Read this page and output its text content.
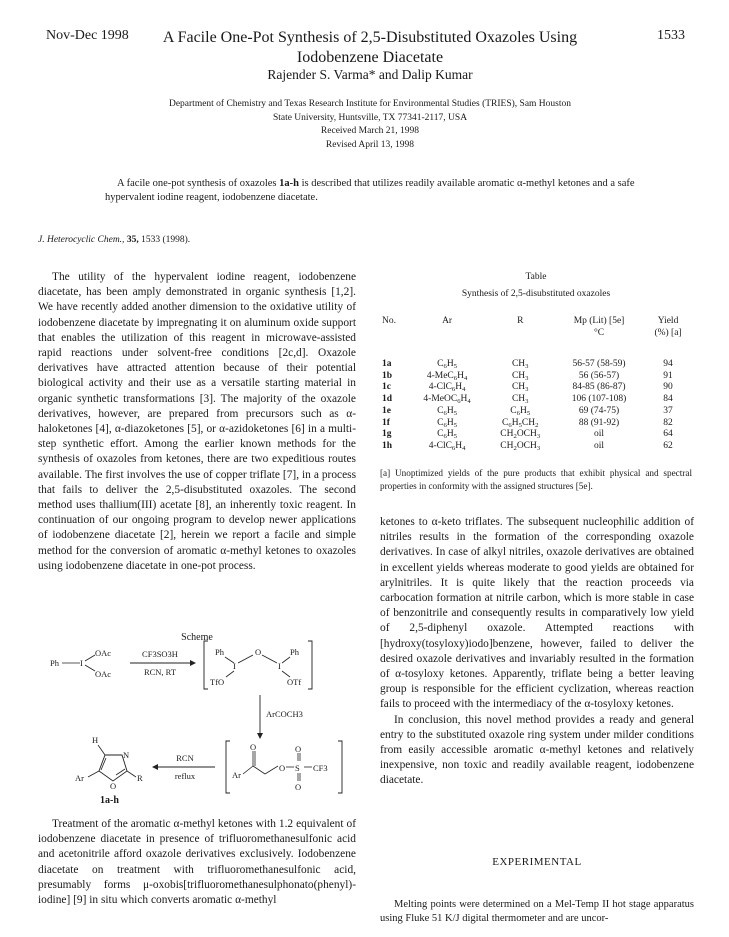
Nov-Dec 1998	1533
A Facile One-Pot Synthesis of 2,5-Disubstituted Oxazoles Using
Iodobenzene Diacetate
Rajender S. Varma* and Dalip Kumar
Department of Chemistry and Texas Research Institute for Environmental Studies (TRIES), Sam Houston
State University, Huntsville, TX 77341-2117, USA
Received March 21, 1998
Revised April 13, 1998
A facile one-pot synthesis of oxazoles 1a-h is described that utilizes readily available aromatic α-methyl ketones and a safe hypervalent iodine reagent, iodobenzene diacetate.
J. Heterocyclic Chem., 35, 1533 (1998).

The utility of the hypervalent iodine reagent, iodobenzene diacetate, has been amply demonstrated in organic synthesis [1,2]. We have recently added another dimension to the oxidative utility of iodobenzene diacetate by impregnating it on aluminum oxide support that enables the utilization of this reagent in microwave-assisted rapid reactions under solvent-free conditions [2c,d]. Oxazole derivatives have attracted attention because of their potential biological activity and their use as a versatile starting material in organic synthetic transformations [3]. The majority of the oxazole derivatives, however, are prepared from precursors such as α-haloketones [4], α-diazoketones [5], or α-azidoketones [6] in a multi-step synthetic effort. Among the earlier known methods for the synthesis of oxazoles from ketones, there are two expeditious routes available. The first involves the use of copper triflate [7], in a process that fails to deliver the 2,5-disubstituted oxazoles. The second method uses thallium(III) acetate [8], an inherently toxic reagent. In continuation of our ongoing program to develop newer applications of iodobenzene diacetate [2], herein we report a facile and simple method for the conversion of aromatic α-methyl ketones to oxazoles using iodobenzene diacetate in one-pot process.

Scheme
Ph I
OAc
OAc
CF3SO3H
RCN, RT
Ph	Ph
I	I
O
TfO	OTf
ArCOCH3
Ar
O
O S
O
O
CF3
RCN
reflux
N
O
H
Ar	R
1a-h

Treatment of the aromatic α-methyl ketones with 1.2 equivalent of iodobenzene diacetate in presence of trifluoromethanesulfonic acid and acetonitrile afford oxazole derivatives exclusively. Iodobenzene diacetate on treatment with trifluoromethanesulfonic acid, presumably forms μ-oxobis[trifluoromethanesulphonato(phenyl)-iodine] [9] in situ which converts aromatic α-methyl

Table
Synthesis of 2,5-disubstituted oxazoles
No.	Ar	R	Mp (Lit) [5e]
°C	Yield
(%) [a]

1a	$C_6H_5$	$CH_3$	56-57 (58-59)	94
1b	$4-MeC_6H_4$	$CH_3$	56 (56-57)	91
1c	$4-ClC_6H_4$	$CH_3$	84-85 (86-87)	90
1d	$4-MeOC_6H_4$	$CH_3$	106 (107-108)	84
1e	$C_6H_5$	$C_6H_5$	69 (74-75)	37
1f	$C_6H_5$	$C_6H_5CH_2$	88 (91-92)	82
1g	$C_6H_5$	$CH_2OCH_3$	oil	64
1h	$4-ClC_6H_4$	$CH_2OCH_3$	oil	62
[a] Unoptimized yields of the pure products that exhibit physical and spectral properties in conformity with the assigned structures [5e].

ketones to α-keto triflates. The subsequent nucleophilic addition of nitriles results in the formation of the corresponding oxazole derivatives. In case of alkyl nitriles, oxazole derivatives are obtained in excellent yields whereas moderate to good yields are obtained for arylnitriles. It is quite likely that the reaction proceeds via carbocation formation at nitrile carbon, which is more stable in case of benzonitrile and consequently results in comparatively low yield of 2,5-diphenyl oxazole. Attempted reactions with [hydroxy(tosyloxy)iodo]benzene, however, failed to deliver the desired oxazole derivatives and invariably resulted in the formation of α-tosyloxy ketones. Apparently, triflate being a better leaving group is responsible for the efficient cyclization, whereas reaction fails to proceed with the intermediacy of the α-tosyloxy ketones.

In conclusion, this novel method provides a ready and general entry to the substituted oxazole ring system under milder conditions from easily accessible aromatic α-methyl ketones and relatively inexpensive, non toxic and readily available reagent, iodobenzene diacetate.

EXPERIMENTAL
Melting points were determined on a Mel-Temp II hot stage apparatus using Fluke 51 K/J digital thermometer and are uncor-
